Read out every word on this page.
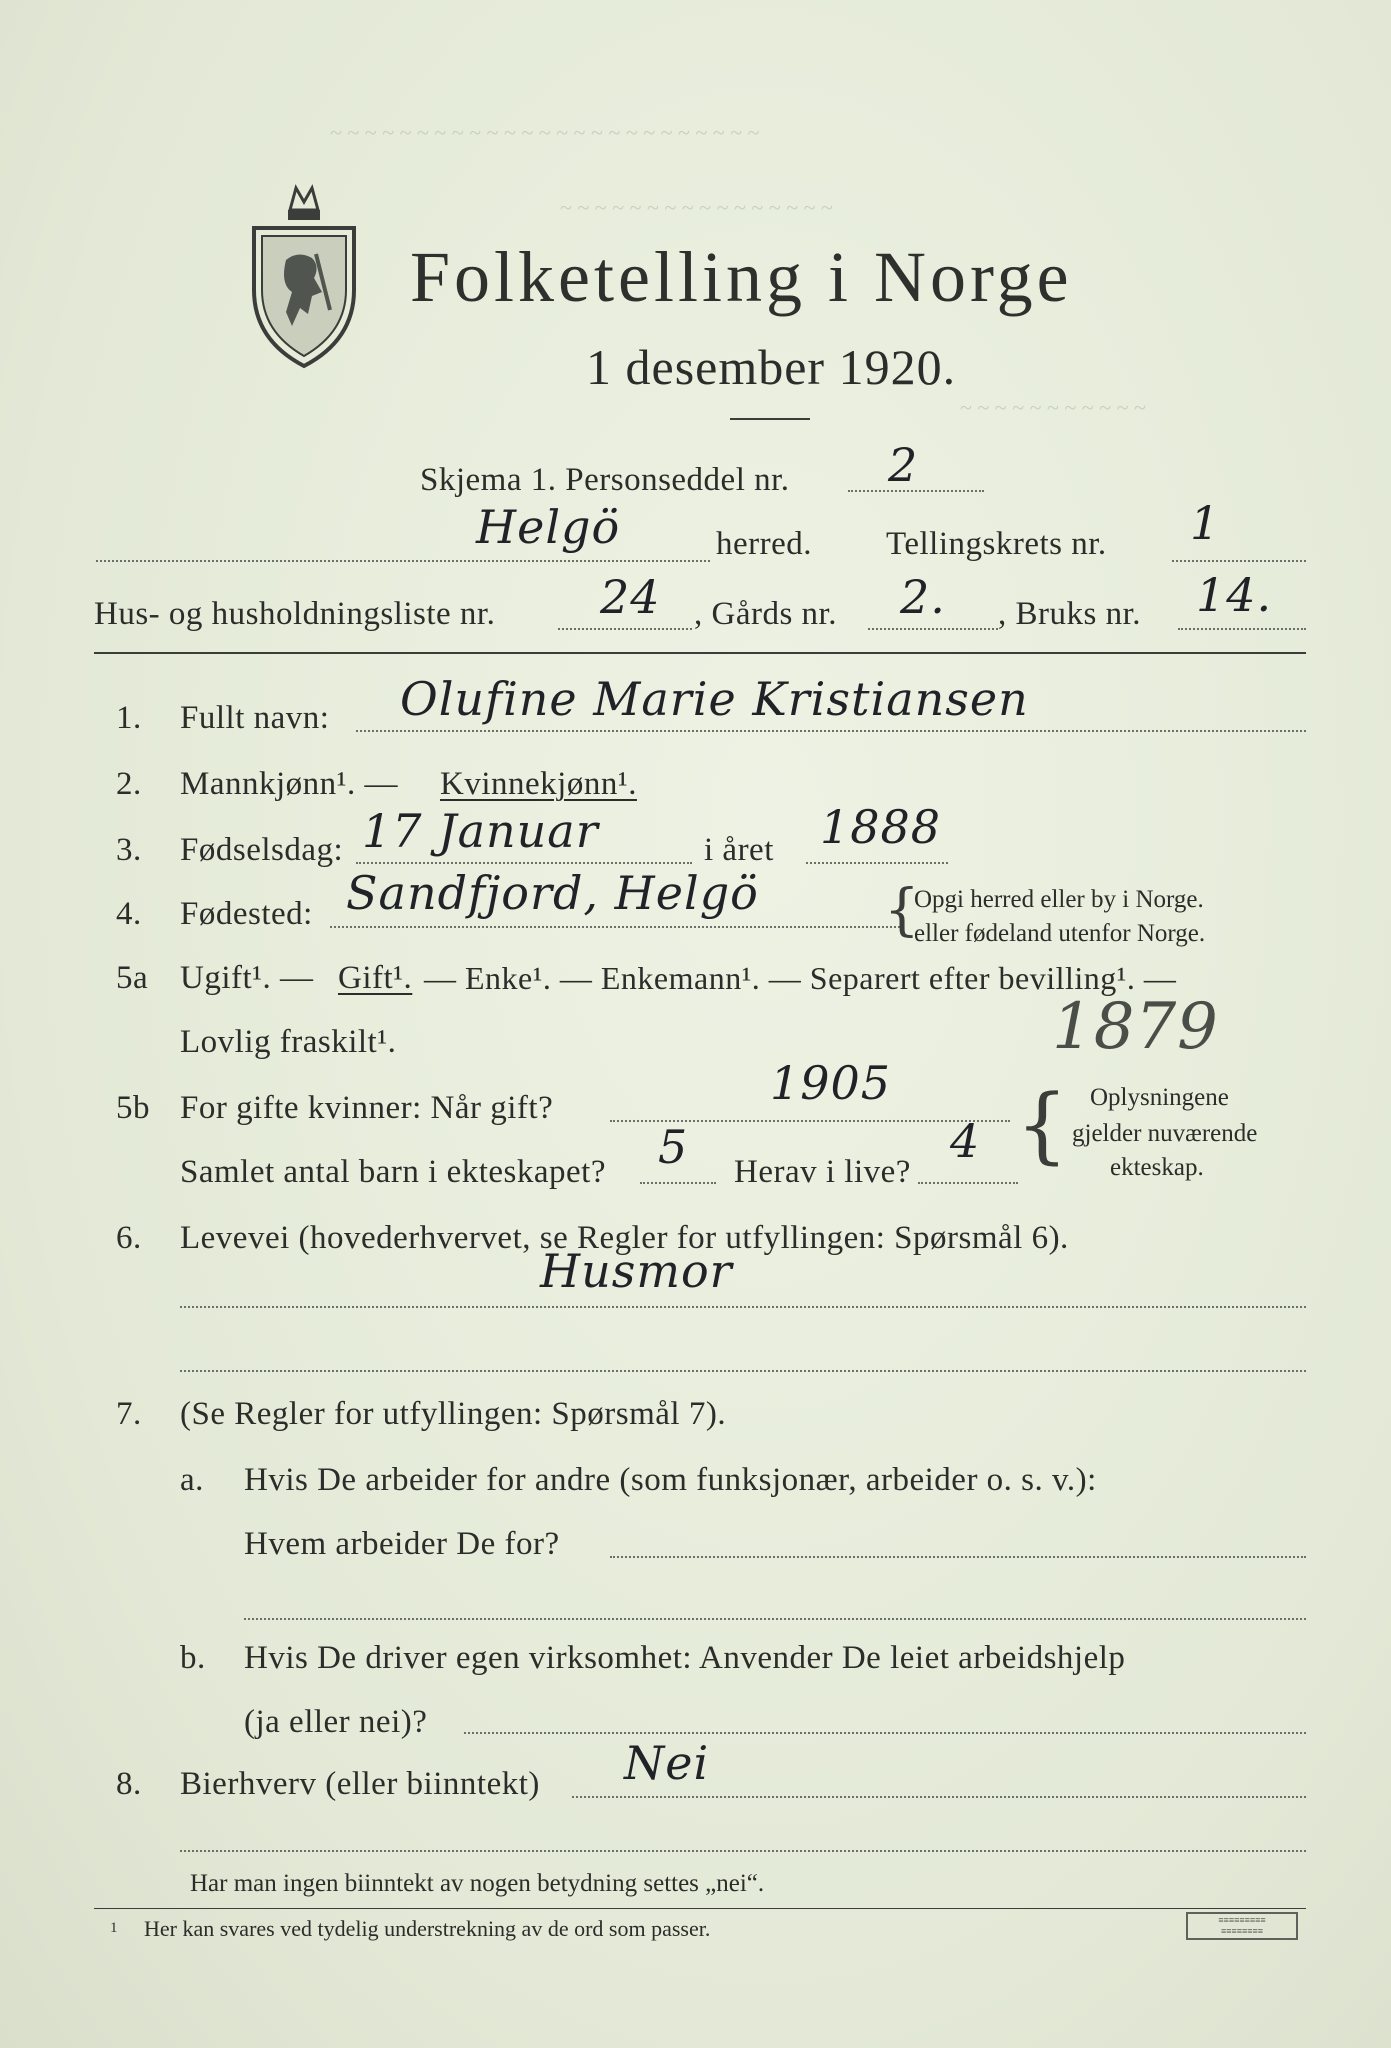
~ ~ ~ ~ ~ ~ ~ ~ ~ ~ ~ ~ ~ ~ ~ ~ ~ ~ ~ ~ ~ ~ ~ ~ ~
~ ~ ~ ~ ~ ~ ~ ~ ~ ~ ~ ~ ~ ~ ~ ~
~ ~ ~ ~ ~ ~ ~ ~ ~ ~ ~
Folketelling i Norge
1 desember 1920.
Skjema 1. Personseddel nr. 2
Helgö	herred. Tellingskrets nr. 1
Hus- og husholdningsliste nr. 24 , Gårds nr. 2. , Bruks nr. 14.
1. Fullt navn: Olufine Marie Kristiansen
2. Mannkjønn¹. — Kvinnekjønn¹.
3. Fødselsdag: 17 Januar	i året 1888
4. Fødested: Sandfjord, Helgö {
Opgi herred eller by i Norge.
eller fødeland utenfor Norge.
5a Ugift¹. — Gift¹. — Enke¹. — Enkemann¹. — Separert efter bevilling¹. —
Lovlig fraskilt¹.	1879
5b For gifte kvinner: Når gift?	1905
Samlet antal barn i ekteskapet? 5 Herav i live?
4 { Oplysningene
gjelder nuværende
ekteskap.
6. Levevei (hovederhvervet, se Regler for utfyllingen: Spørsmål 6).
Husmor
7. (Se Regler for utfyllingen: Spørsmål 7).
a. Hvis De arbeider for andre (som funksjonær, arbeider o. s. v.):
Hvem arbeider De for?
b. Hvis De driver egen virksomhet: Anvender De leiet arbeidshjelp
(ja eller nei)?
8. Bierhverv (eller biinntekt) Nei
Har man ingen biinntekt av nogen betydning settes „nei“.
1 Her kan svares ved tydelig understrekning av de ord som passer.	≡≡≡≡≡≡≡≡≡
≡≡≡≡≡≡≡≡
